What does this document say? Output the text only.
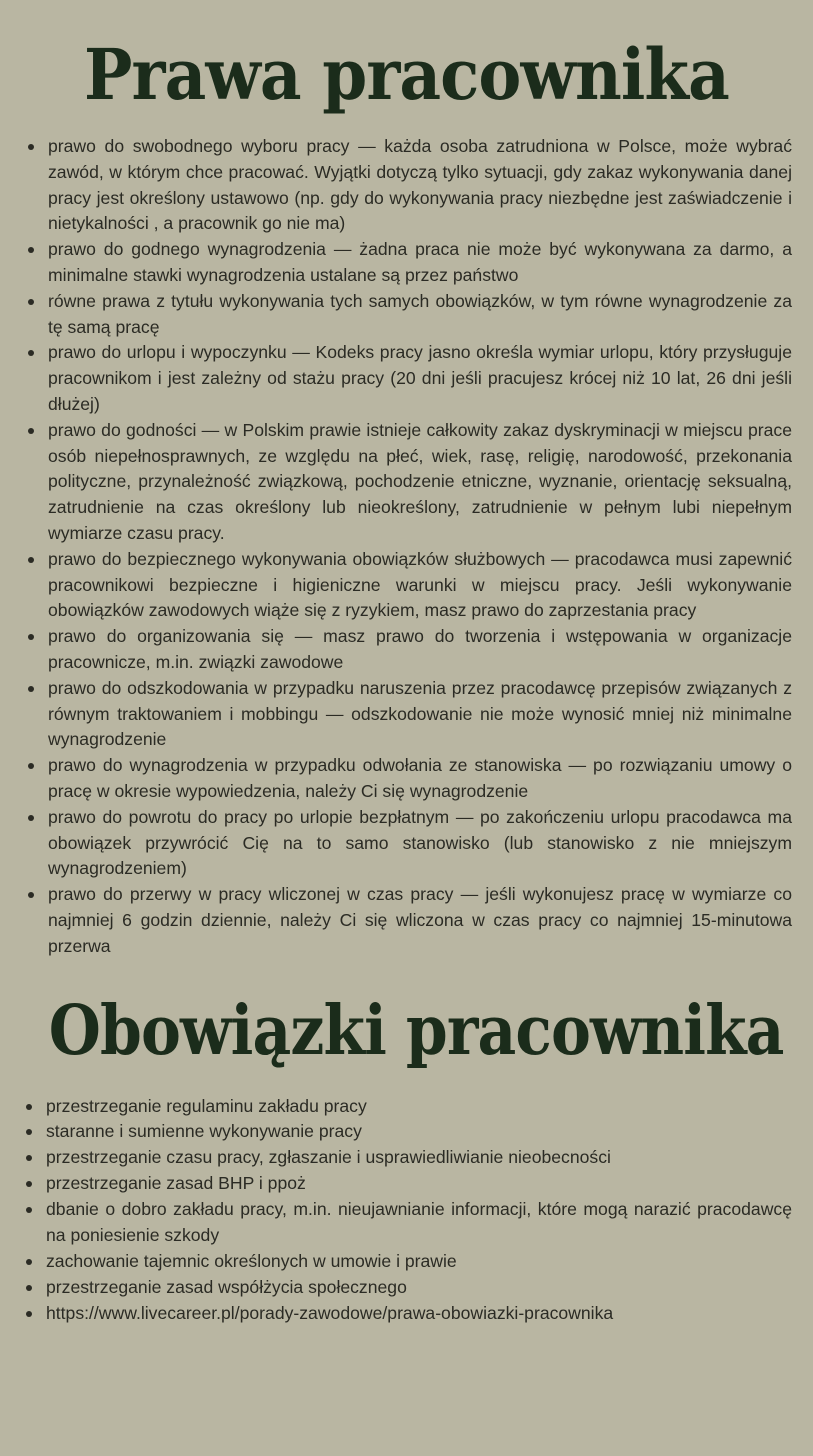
Prawa pracownika
prawo do swobodnego wyboru pracy — każda osoba zatrudniona w Polsce, może wybrać zawód, w którym chce pracować. Wyjątki dotyczą tylko sytuacji, gdy zakaz wykonywania danej pracy jest określony ustawowo (np. gdy do wykonywania pracy niezbędne jest zaświadczenie i nietykalności , a pracownik go nie ma)
prawo do godnego wynagrodzenia — żadna praca nie może być wykonywana za darmo, a minimalne stawki wynagrodzenia ustalane są przez państwo
równe prawa z tytułu wykonywania tych samych obowiązków, w tym równe wynagrodzenie za tę samą pracę
prawo do urlopu i wypoczynku — Kodeks pracy jasno określa wymiar urlopu, który przysługuje pracownikom i jest zależny od stażu pracy (20 dni jeśli pracujesz krócej niż 10 lat, 26 dni jeśli dłużej)
prawo do godności — w Polskim prawie istnieje całkowity zakaz dyskryminacji w miejscu prace osób niepełnosprawnych, ze względu na płeć, wiek, rasę, religię, narodowość, przekonania polityczne, przynależność związkową, pochodzenie etniczne, wyznanie, orientację seksualną, zatrudnienie na czas określony lub nieokreślony, zatrudnienie w pełnym lubi niepełnym wymiarze czasu pracy.
prawo do bezpiecznego wykonywania obowiązków służbowych — pracodawca musi zapewnić pracownikowi bezpieczne i higieniczne warunki w miejscu pracy. Jeśli wykonywanie obowiązków zawodowych wiąże się z ryzykiem, masz prawo do zaprzestania pracy
prawo do organizowania się — masz prawo do tworzenia i wstępowania w organizacje pracownicze, m.in. związki zawodowe
prawo do odszkodowania w przypadku naruszenia przez pracodawcę przepisów związanych z równym traktowaniem i mobbingu — odszkodowanie nie może wynosić mniej niż minimalne wynagrodzenie
prawo do wynagrodzenia w przypadku odwołania ze stanowiska — po rozwiązaniu umowy o pracę w okresie wypowiedzenia, należy Ci się wynagrodzenie
prawo do powrotu do pracy po urlopie bezpłatnym — po zakończeniu urlopu pracodawca ma obowiązek przywrócić Cię na to samo stanowisko (lub stanowisko z nie mniejszym wynagrodzeniem)
prawo do przerwy w pracy wliczonej w czas pracy — jeśli wykonujesz pracę w wymiarze co najmniej 6 godzin dziennie, należy Ci się wliczona w czas pracy co najmniej 15-minutowa przerwa
Obowiązki pracownika
przestrzeganie regulaminu zakładu pracy
staranne i sumienne wykonywanie pracy
przestrzeganie czasu pracy, zgłaszanie i usprawiedliwianie nieobecności
przestrzeganie zasad BHP i ppoż
dbanie o dobro zakładu pracy, m.in. nieujawnianie informacji, które mogą narazić pracodawcę na poniesienie szkody
zachowanie tajemnic określonych w umowie i prawie
przestrzeganie zasad współżycia społecznego
https://www.livecareer.pl/porady-zawodowe/prawa-obowiazki-pracownika
